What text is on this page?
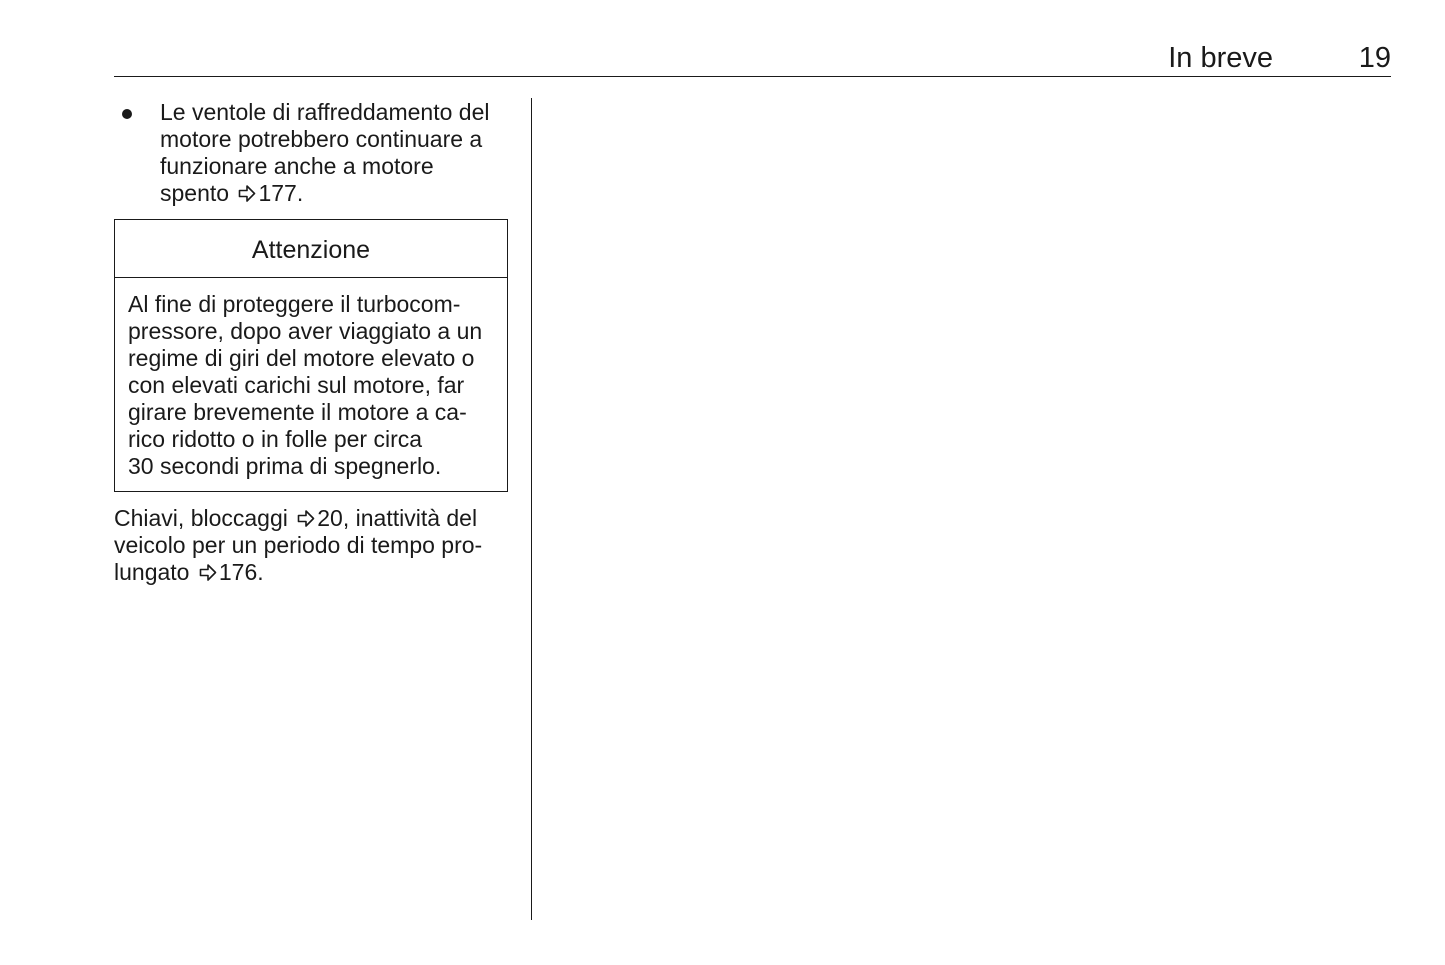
In breve	19
Le ventole di raffreddamento del
motore potrebbero continuare a
funzionare anche a motore
spento 177.
Attenzione
Al fine di proteggere il turbocom-
pressore, dopo aver viaggiato a un
regime di giri del motore elevato o
con elevati carichi sul motore, far
girare brevemente il motore a ca-
rico ridotto o in folle per circa
30 secondi prima di spegnerlo.
Chiavi, bloccaggi 20, inattività del
veicolo per un periodo di tempo pro-
lungato 176.
